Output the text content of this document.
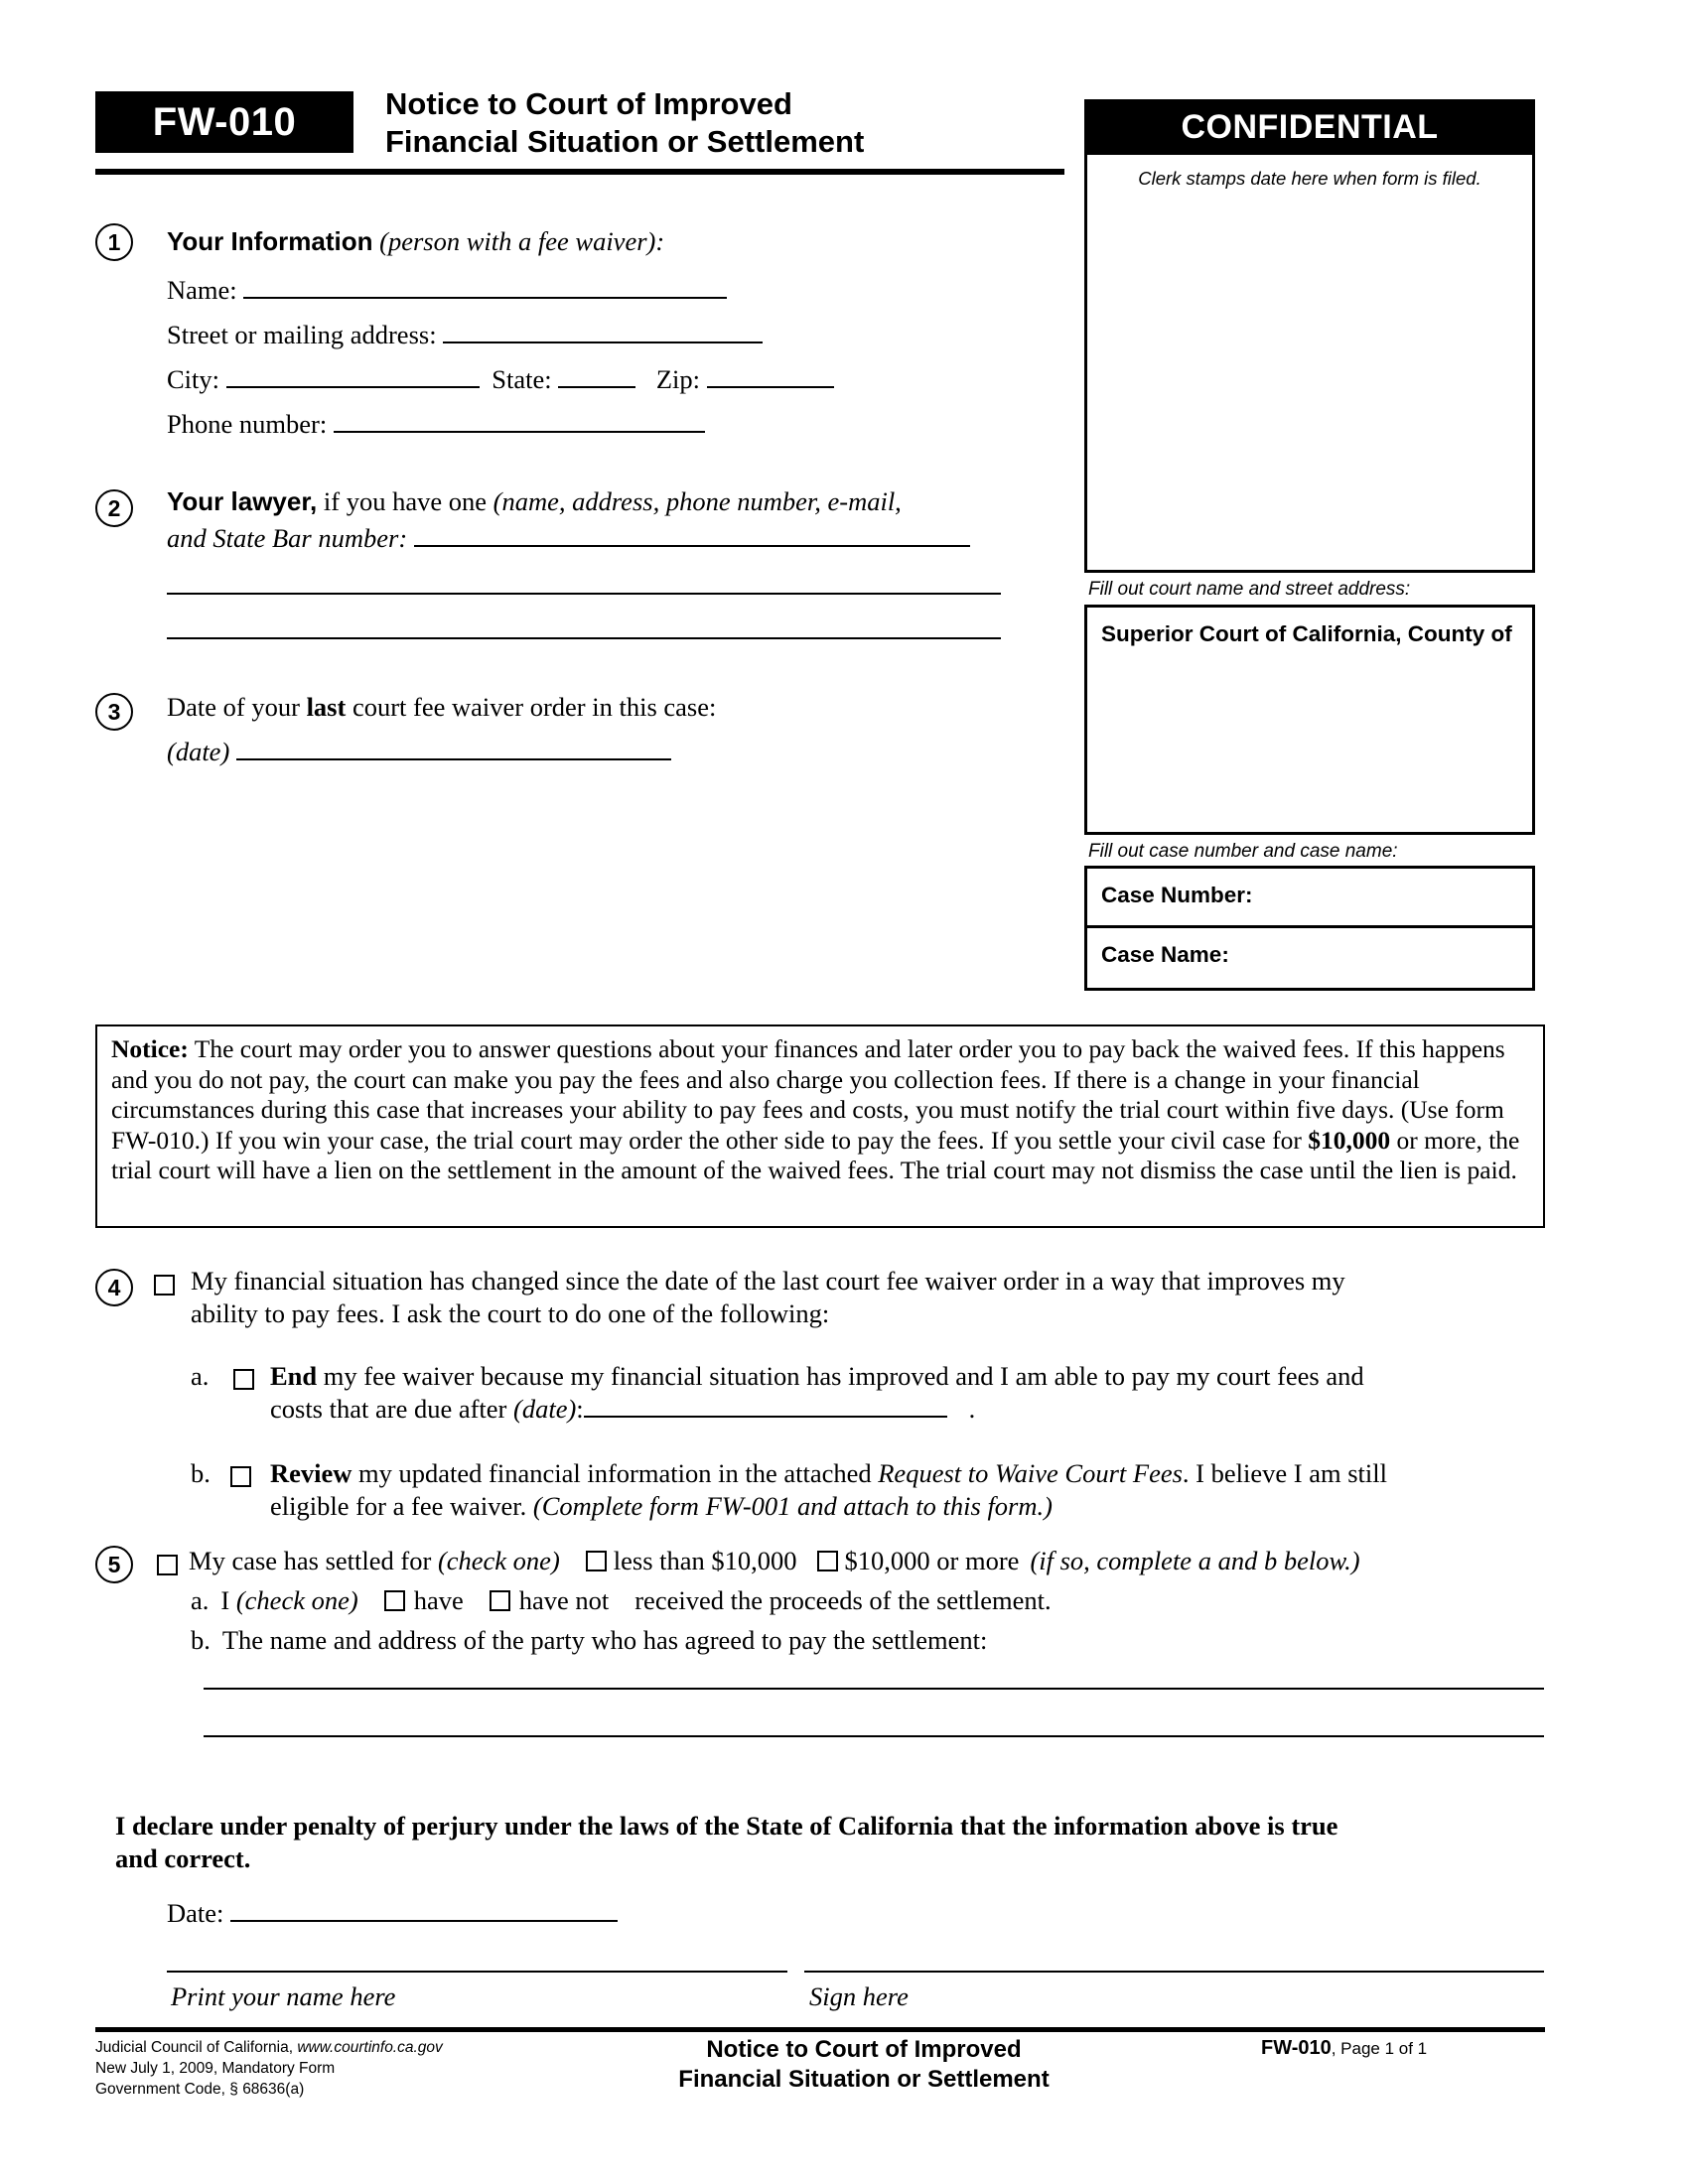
FW-010	Notice to Court of Improved
Financial Situation or Settlement	CONFIDENTIAL
Clerk stamps date here when form is filed.
Fill out court name and street address:
Superior Court of California, County of
Fill out case number and case name:
Case Number:
Case Name:
1	Your Information (person with a fee waiver):
Name:
Street or mailing address:
City:	State:	Zip:
Phone number:
2	Your lawyer, if you have one (name, address, phone number, e-mail,
and State Bar number:
3	Date of your last court fee waiver order in this case:
(date)
Notice: The court may order you to answer questions about your finances and later order you to pay back the waived fees. If this happens and you do not pay, the court can make you pay the fees and also charge you collection fees. If there is a change in your financial circumstances during this case that increases your ability to pay fees and costs, you must notify the trial court within five days. (Use form FW-010.) If you win your case, the trial court may order the other side to pay the fees. If you settle your civil case for $10,000 or more, the trial court will have a lien on the settlement in the amount of the waived fees. The trial court may not dismiss the case until the lien is paid.
4	My financial situation has changed since the date of the last court fee waiver order in a way that improves my
ability to pay fees. I ask the court to do one of the following:
a. End my fee waiver because my financial situation has improved and I am able to pay my court fees and
costs that are due after (date):	.
b. Review my updated financial information in the attached Request to Waive Court Fees. I believe I am still
eligible for a fee waiver. (Complete form FW-001 and attach to this form.)
5	My case has settled for (check one) less than $10,000 $10,000 or more (if so, complete a and b below.)
a. I (check one) have have not received the proceeds of the settlement.
b. The name and address of the party who has agreed to pay the settlement:
I declare under penalty of perjury under the laws of the State of California that the information above is true
and correct.
Date:
Print your name here	Sign here
Judicial Council of California, www.courtinfo.ca.gov
New July 1, 2009, Mandatory Form
Government Code, § 68636(a)
Notice to Court of Improved
Financial Situation or Settlement
FW-010, Page 1 of 1
